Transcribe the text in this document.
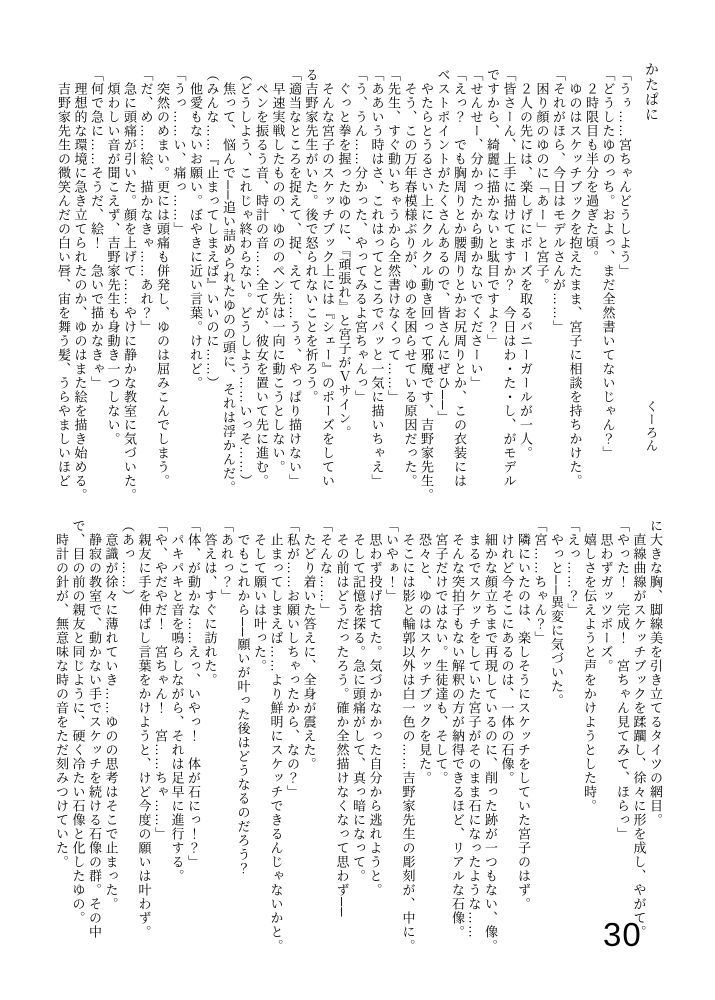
かたぱに
くーろん
「うぅ……宮ちゃんどうしよう」
「どうしたゆのっち。およっ、まだ全然書いてないじゃん？」
　２時限目も半分を過ぎた頃。
　ゆのはスケッチブックを抱えたまま、宮子に相談を持ちかけた。
「それがほら、今日はモデルさんが……」
　困り顔のゆのに「あー」と宮子。
　２人の先には、楽しげにポーズを取るバニーガールが一人。
「皆さーん、上手に描けてますか？　今日はわ・た・し、がモデル
ですから、綺麗に描かないと駄目ですよ？」
「せんせー、分かったから動かないでくださーい」
「えっ？　でも胸周りとか腰周りとかお尻周りとか、この衣装には
ベストポイントがたくさんあるので、皆さんにぜひ──」
　やたらとうるさい上にクルクル動き回って邪魔です、吉野家先生。
　そう、この万年春模様ぶりが、ゆのを困らせている原因だった。
「先生、すぐ動いちゃうから全然書けなくって……」
「ああいう時はさ、これはってところでパッと一気に描いちゃえ」
「う、うん……分かった、やってみるよ宮ちゃんっ」
　ぐっと拳を握ったゆのに、『頑張れ』と宮子がＶサイン。
　そんな宮子のスケッチブック上には『シェー』のポーズをしてい
る吉野家先生がいた。後で怒られないことを祈ろう。
「適当なところを捉えて、捉、えて……うぅ、やっぱり描けない」
　早速実戦したものの、ゆののペン先は一向に動こうとしない。
　ペンを振るう音、時計の音……全てが、彼女を置いて先に進む。
（どうしよう、これじゃ終わらない。どうしよう……いっそ……）
　焦って、悩んで──追い詰められたゆのの頭に、それは浮かんだ。
（みんな……『止まってしまえば』いいのに……）
　他愛もないお願い。ぼやきに近い言葉。けれど。
「うっ……い、痛っ……」
　突然のめまい。更には頭痛も併発し、ゆのは屈みこんでしまう。
「だ、め……絵、描かなきゃ……あれ？」
　急に頭痛が引いた。顔を上げて……やけに静かな教室に気づいた。
　煩わしい音が聞こえず、吉野家先生も身動き一つしない。
「何で急に……そうだ、絵！　急いで描かなきゃ」
　理想的な環境に急き立てられたのか、ゆのはまた絵を描き始める。
　吉野家先生の微笑んだの白い唇、宙を舞う髪、うらやましいほど
に大きな胸、脚線美を引き立てるタイツの網目。
　直線曲線がスケッチブックを蹂躙し、徐々に形を成し、やがて。
「やった！　完成！　宮ちゃん見てみて、ほらっ」
　思わずガッツポーズ。
　嬉しさを伝えようと声をかけようとした時。
「えっ……？」
　やっと──異変に気づいた。
「宮……ちゃん？」
　隣にいたのは、楽しそうにスケッチをしていた宮子のはず。
　けれど今そこにあるのは、一体の石像。
　細かな顔立ちまで再現しているのに、削った跡が一つもない、像。
　まるでスケッチをしていた宮子がそのまま石になったような……
　そんな突拍子もない解釈の方が納得できるほど、リアルな石像。
　宮子だけではない。生徒達も、そして。
　恐々と、ゆのはスケッチブックを見た。
　そこには影と輪郭以外は白一色の……吉野家先生の彫刻が、中に。
「いやぁ！」
　思わず投げ捨てた。気づかなかった自分から逃れようと。
　そして記憶を探る。急に頭痛がして、真っ暗になって。
　その前はどうだったろう。確か全然描けなくなって思わず──
「そんな……」
　たどり着いた答えに、全身が震えた。
「私が……お願いしちゃったから、なの？」
　止まってしまえば……より鮮明にスケッチできるんじゃないかと。
　そして願いは叶った。
　でもこれから──願いが叶った後はどうなるのだろう？
「あれっ？」
　答えは、すぐに訪れた。
「体、が動かな……えっ、いやっ！　体が石にっ！？」
　パキパキと音を鳴らしながら、それは足早に進行する。
「や、やだやだ！　宮ちゃん！　宮……ちゃ……」
　親友に手を伸ばし言葉をかけようと、けど今度の願いは叶わず。
（あっ……）
　意識が徐々に薄れていき……ゆのの思考はそこで止まった。
　静寂の教室で、動かない手でスケッチを続ける石像の群。その中
で、目の前の親友と同じように、硬く冷たい石像と化したゆの。
　時計の針が、無意味な時の音をただ刻みつけていた。
30
